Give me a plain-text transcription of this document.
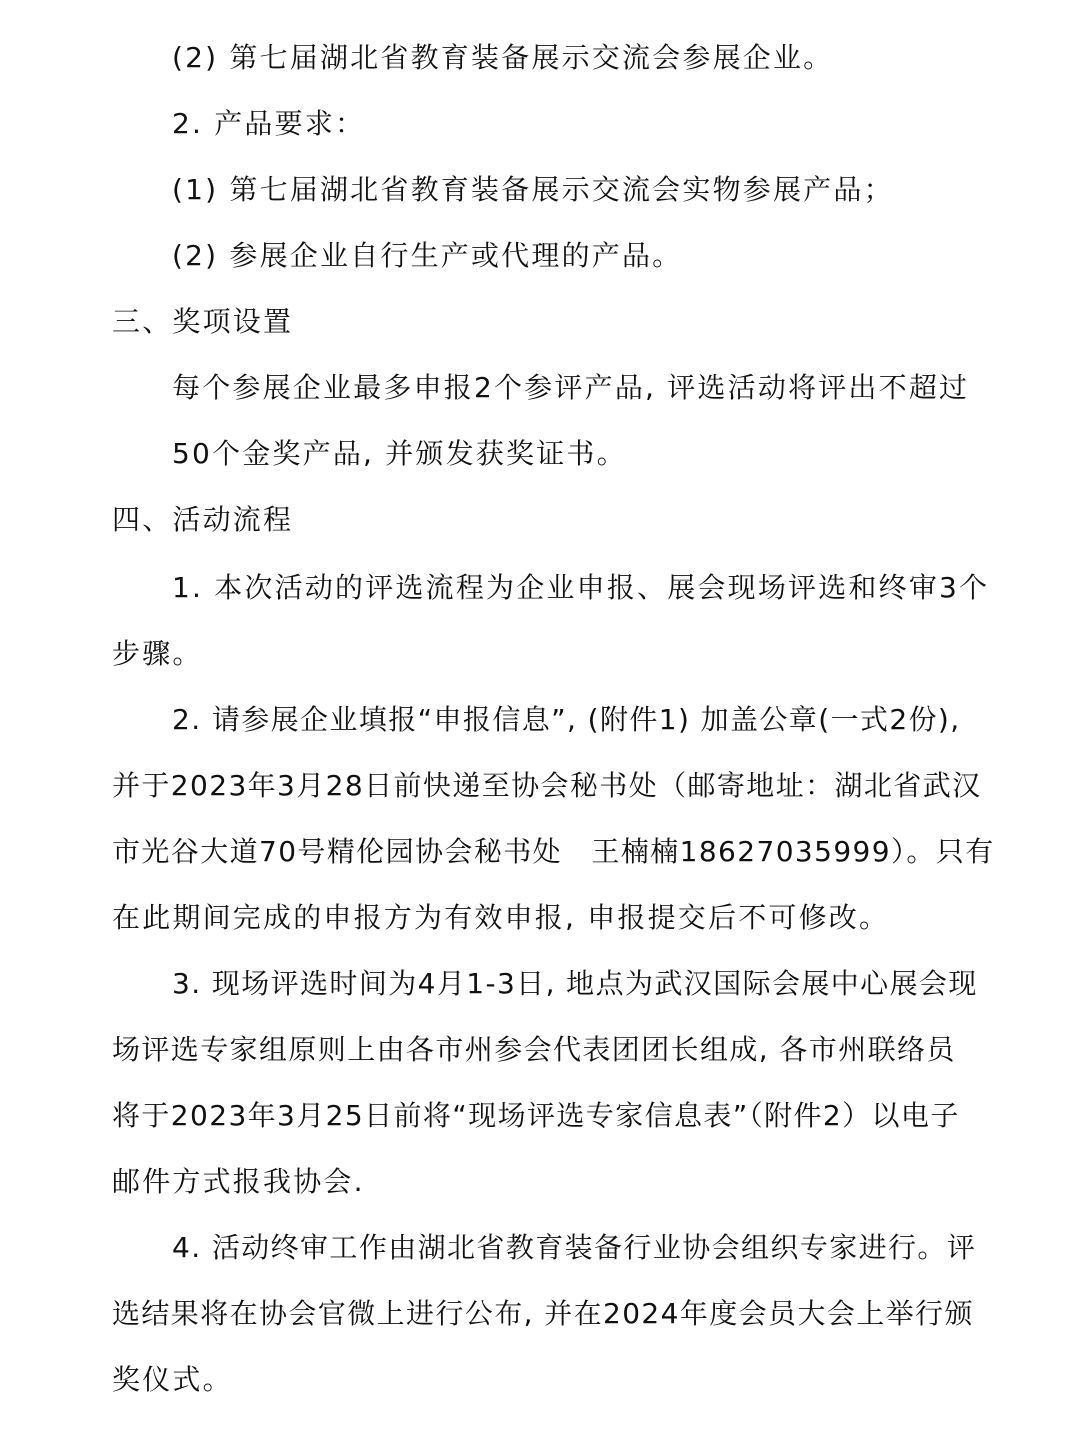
(2) 第七届湖北省教育装备展示交流会参展企业。
2. 产品要求：
(1) 第七届湖北省教育装备展示交流会实物参展产品；
(2) 参展企业自行生产或代理的产品。
三、奖项设置
每个参展企业最多申报2个参评产品, 评选活动将评出不超过
50个金奖产品, 并颁发获奖证书。
四、活动流程
1. 本次活动的评选流程为企业申报、展会现场评选和终审3个
步骤。
2. 请参展企业填报“申报信息”, (附件1) 加盖公章(一式2份),
并于2023年3月28日前快递至协会秘书处（邮寄地址：湖北省武汉
市光谷大道70号精伦园协会秘书处　王楠楠18627035999）。只有
在此期间完成的申报方为有效申报, 申报提交后不可修改。
3. 现场评选时间为4月1-3日, 地点为武汉国际会展中心展会现
场评选专家组原则上由各市州参会代表团团长组成, 各市州联络员
将于2023年3月25日前将“现场评选专家信息表”（附件2）以电子
邮件方式报我协会.
4. 活动终审工作由湖北省教育装备行业协会组织专家进行。评
选结果将在协会官微上进行公布, 并在2024年度会员大会上举行颁
奖仪式。
